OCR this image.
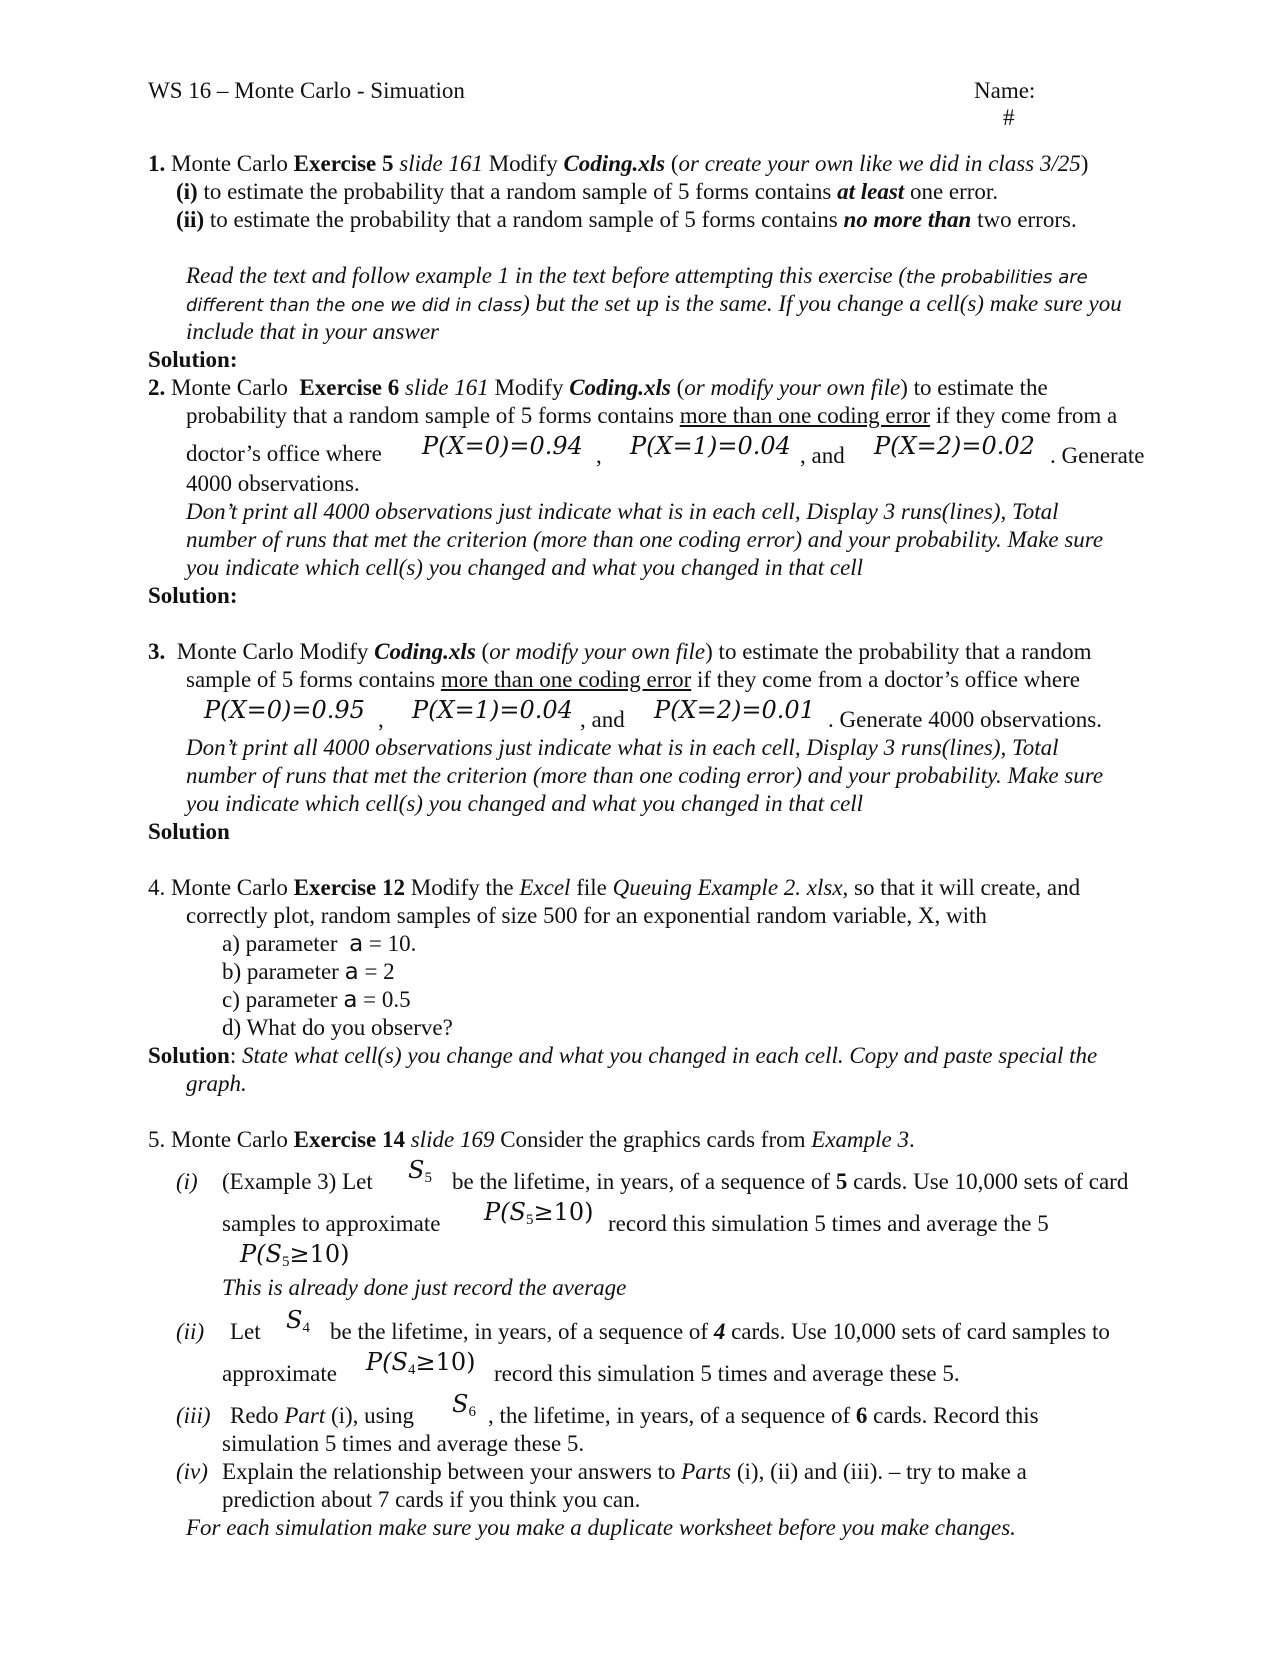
WS 16 – Monte Carlo - Simuation	Name:
#
1. Monte Carlo Exercise 5 slide 161 Modify Coding.xls (or create your own like we did in class 3/25)
(i) to estimate the probability that a random sample of 5 forms contains at least one error.
(ii) to estimate the probability that a random sample of 5 forms contains no more than two errors.
Read the text and follow example 1 in the text before attempting this exercise (the probabilities are
different than the one we did in class) but the set up is the same. If you change a cell(s) make sure you
include that in your answer
Solution:
2. Monte Carlo Exercise 6 slide 161 Modify Coding.xls (or modify your own file) to estimate the
probability that a random sample of 5 forms contains more than one coding error if they come from a
doctor’s office where P(X=0)=0.94 , P(X=1)=0.04 , and P(X=2)=0.02 . Generate
4000 observations.
Don’t print all 4000 observations just indicate what is in each cell, Display 3 runs(lines), Total
number of runs that met the criterion (more than one coding error) and your probability. Make sure
you indicate which cell(s) you changed and what you changed in that cell
Solution:
3. Monte Carlo Modify Coding.xls (or modify your own file) to estimate the probability that a random
sample of 5 forms contains more than one coding error if they come from a doctor’s office where
P(X=0)=0.95 , P(X=1)=0.04 , and P(X=2)=0.01 . Generate 4000 observations.
Don’t print all 4000 observations just indicate what is in each cell, Display 3 runs(lines), Total
number of runs that met the criterion (more than one coding error) and your probability. Make sure
you indicate which cell(s) you changed and what you changed in that cell
Solution
4. Monte Carlo Exercise 12 Modify the Excel file Queuing Example 2. xlsx, so that it will create, and
correctly plot, random samples of size 500 for an exponential random variable, X, with
a) parameter a = 10.
b) parameter a = 2
c) parameter a = 0.5
d) What do you observe?
Solution: State what cell(s) you change and what you changed in each cell. Copy and paste special the
graph.
5. Monte Carlo Exercise 14 slide 169 Consider the graphics cards from Example 3.
(i) (Example 3) Let $S_5$ be the lifetime, in years, of a sequence of 5 cards. Use 10,000 sets of card
samples to approximate $P(S_5\ge 10)$ record this simulation 5 times and average the 5
$P(S_5\ge 10)$
This is already done just record the average
(ii) Let $S_4$ be the lifetime, in years, of a sequence of 4 cards. Use 10,000 sets of card samples to
approximate $P(S_4\ge 10)$ record this simulation 5 times and average these 5.
(iii) Redo Part (i), using $S_6$ , the lifetime, in years, of a sequence of 6 cards. Record this
simulation 5 times and average these 5.
(iv) Explain the relationship between your answers to Parts (i), (ii) and (iii). – try to make a
prediction about 7 cards if you think you can.
For each simulation make sure you make a duplicate worksheet before you make changes.
